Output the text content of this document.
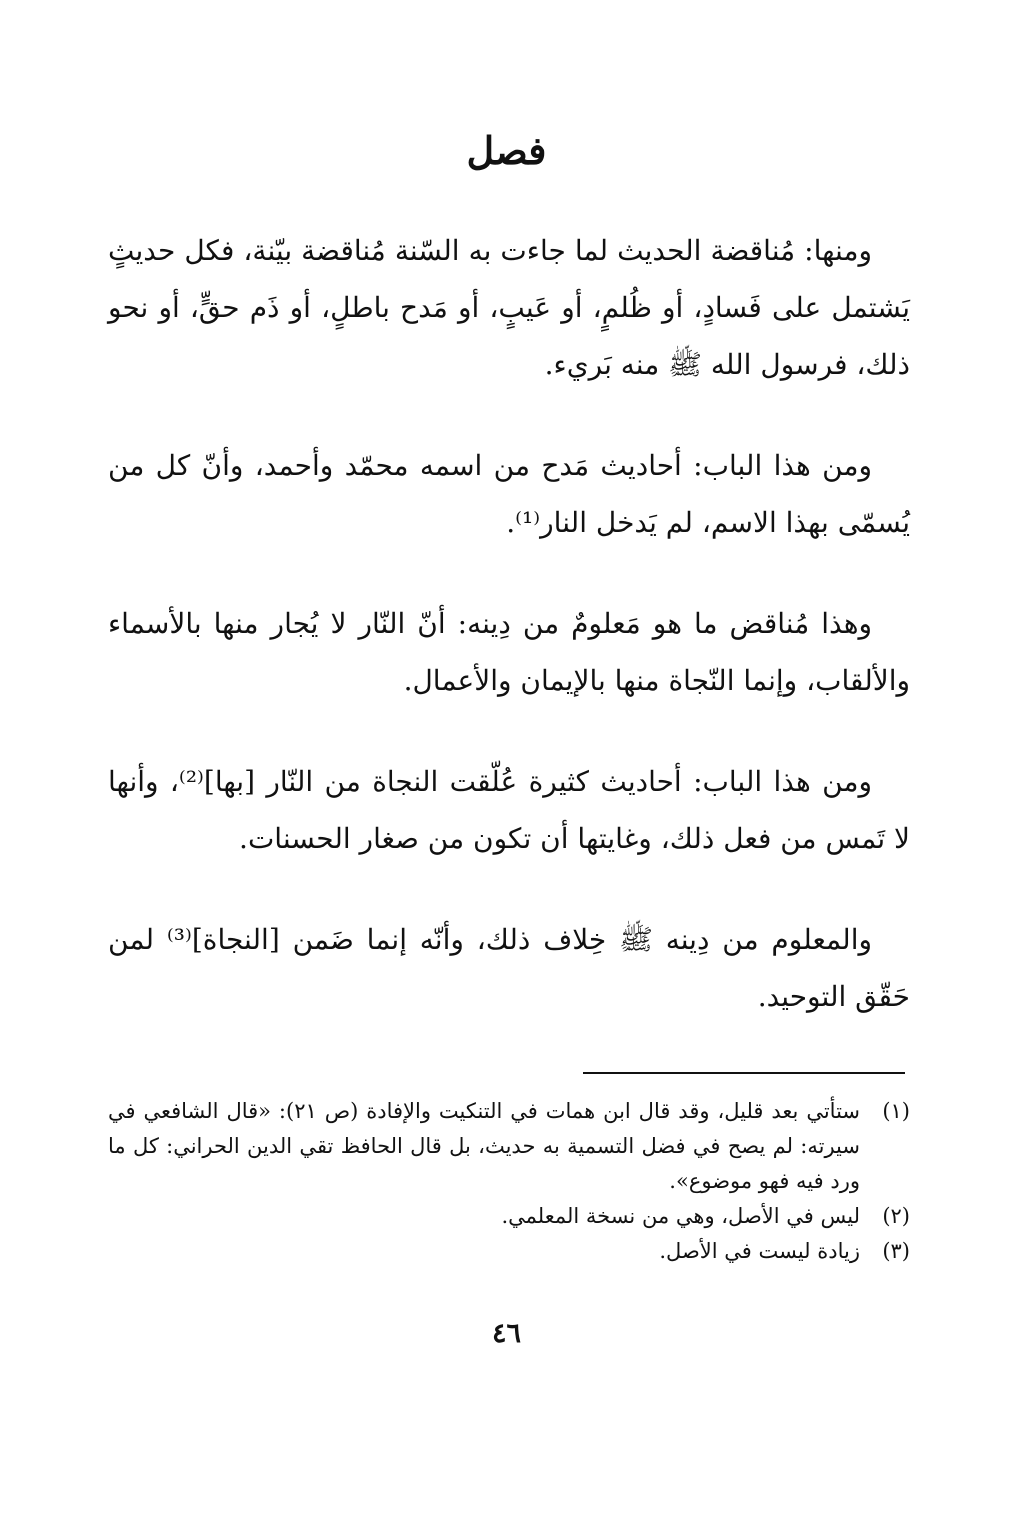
فصل

ومنها: مُناقضة الحديث لما جاءت به السّنة مُناقضة بيّنة، فكل حديثٍ يَشتمل على فَسادٍ، أو ظُلمٍ، أو عَيبٍ، أو مَدح باطلٍ، أو ذَم حقٍّ، أو نحو ذلك، فرسول الله ﷺ منه بَريء.

ومن هذا الباب: أحاديث مَدح من اسمه محمّد وأحمد، وأنّ كل من يُسمّى بهذا الاسم، لم يَدخل النار⁽¹⁾.

وهذا مُناقض ما هو مَعلومٌ من دِينه: أنّ النّار لا يُجار منها بالأسماء والألقاب، وإنما النّجاة منها بالإيمان والأعمال.

ومن هذا الباب: أحاديث كثيرة عُلّقت النجاة من النّار [بها]⁽²⁾، وأنها لا تَمس من فعل ذلك، وغايتها أن تكون من صغار الحسنات.

والمعلوم من دِينه ﷺ خِلاف ذلك، وأنّه إنما ضَمن [النجاة]⁽³⁾ لمن حَقّق التوحيد.

(١)
ستأتي بعد قليل، وقد قال ابن همات في التنكيت والإفادة (ص ٢١): «قال الشافعي في سيرته: لم يصح في فضل التسمية به حديث، بل قال الحافظ تقي الدين الحراني: كل ما ورد فيه فهو موضوع».
(٢)
ليس في الأصل، وهي من نسخة المعلمي.
(٣)
زيادة ليست في الأصل.
٤٦
